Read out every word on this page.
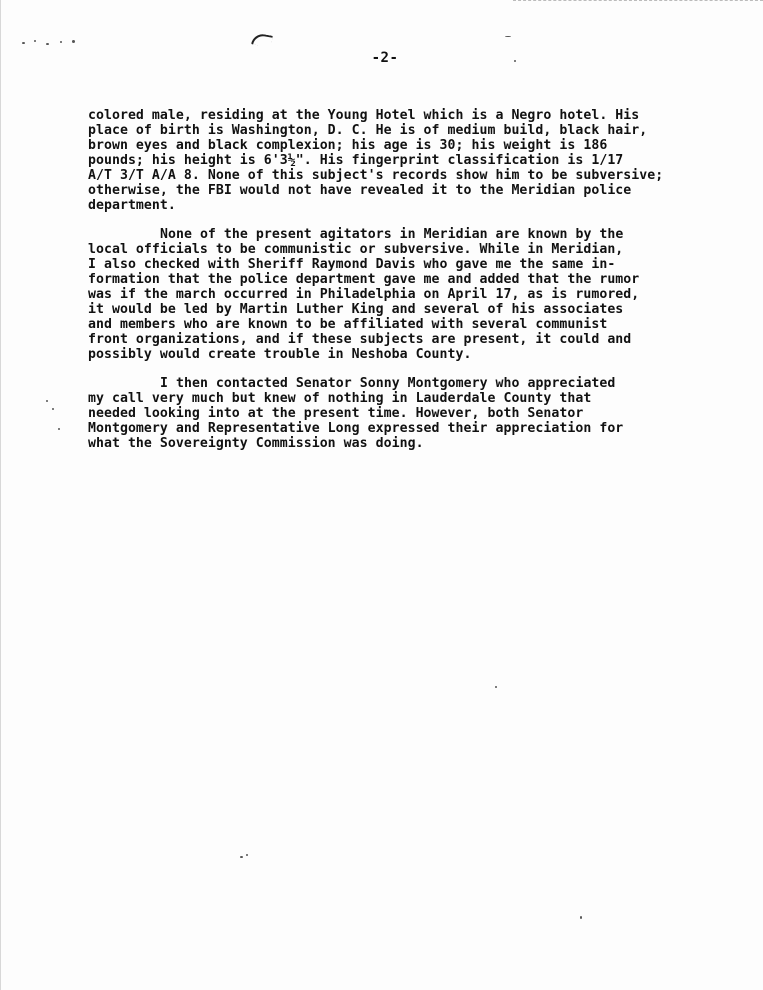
-2-

colored male, residing at the Young Hotel which is a Negro hotel. His
place of birth is Washington, D. C. He is of medium build, black hair,
brown eyes and black complexion; his age is 30; his weight is 186
pounds; his height is 6'3½". His fingerprint classification is 1/17
A/T 3/T A/A 8. None of this subject's records show him to be subversive;
otherwise, the FBI would not have revealed it to the Meridian police
department.

None of the present agitators in Meridian are known by the
local officials to be communistic or subversive. While in Meridian,
I also checked with Sheriff Raymond Davis who gave me the same in-
formation that the police department gave me and added that the rumor
was if the march occurred in Philadelphia on April 17, as is rumored,
it would be led by Martin Luther King and several of his associates
and members who are known to be affiliated with several communist
front organizations, and if these subjects are present, it could and
possibly would create trouble in Neshoba County.

I then contacted Senator Sonny Montgomery who appreciated
my call very much but knew of nothing in Lauderdale County that
needed looking into at the present time. However, both Senator
Montgomery and Representative Long expressed their appreciation for
what the Sovereignty Commission was doing.
